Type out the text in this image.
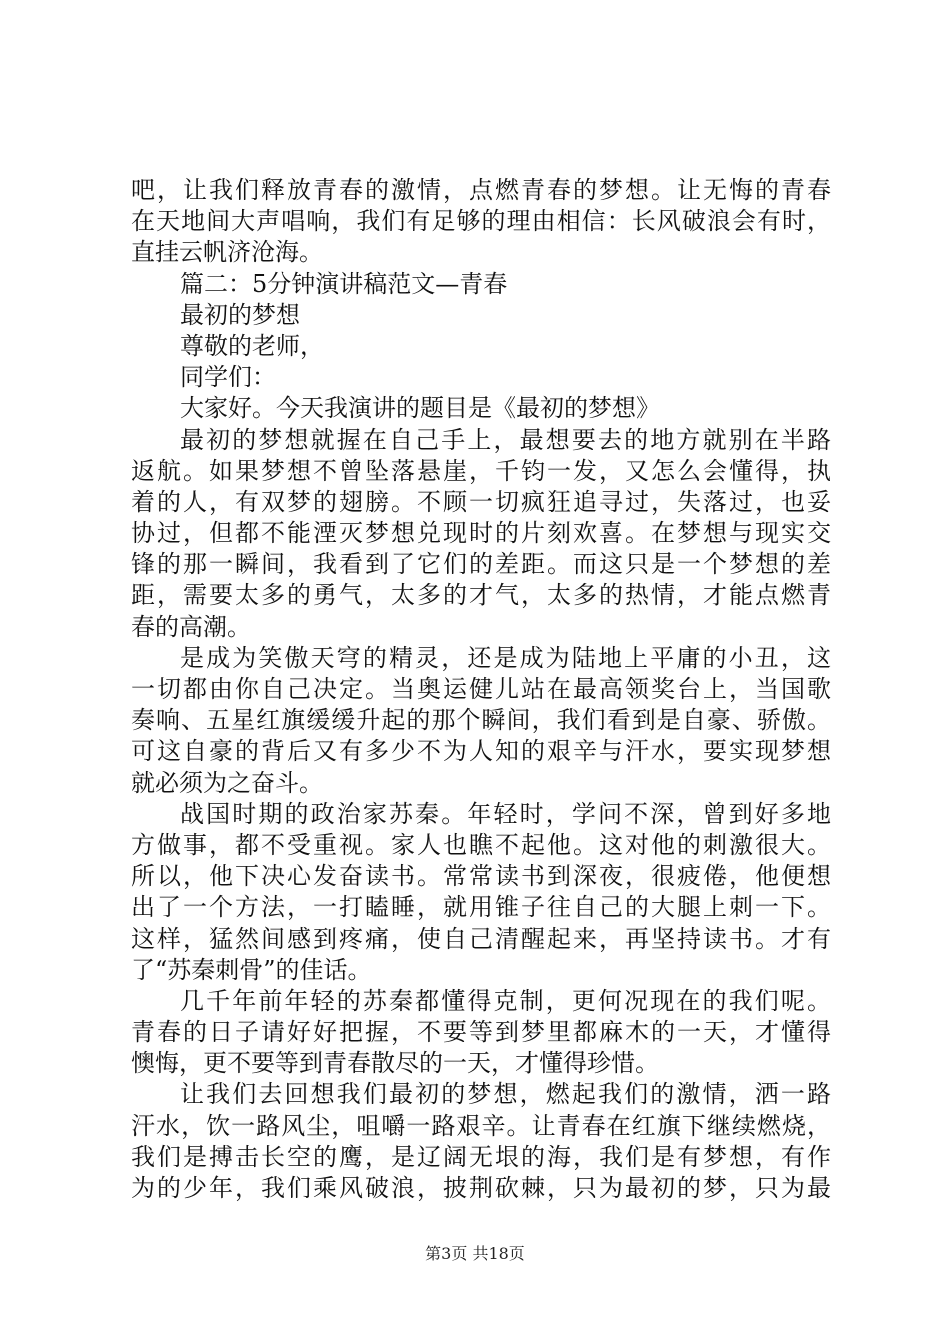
吧，让我们释放青春的激情，点燃青春的梦想。让无悔的青春
在天地间大声唱响，我们有足够的理由相信：长风破浪会有时，
直挂云帆济沧海。
篇二：5分钟演讲稿范文—青春
最初的梦想
尊敬的老师，
同学们：
大家好。今天我演讲的题目是《最初的梦想》
最初的梦想就握在自己手上，最想要去的地方就别在半路
返航。如果梦想不曾坠落悬崖，千钧一发，又怎么会懂得，执
着的人，有双梦的翅膀。不顾一切疯狂追寻过，失落过，也妥
协过，但都不能湮灭梦想兑现时的片刻欢喜。在梦想与现实交
锋的那一瞬间，我看到了它们的差距。而这只是一个梦想的差
距，需要太多的勇气，太多的才气，太多的热情，才能点燃青
春的高潮。
是成为笑傲天穹的精灵，还是成为陆地上平庸的小丑，这
一切都由你自己决定。当奥运健儿站在最高领奖台上，当国歌
奏响、五星红旗缓缓升起的那个瞬间，我们看到是自豪、骄傲。
可这自豪的背后又有多少不为人知的艰辛与汗水，要实现梦想
就必须为之奋斗。
战国时期的政治家苏秦。年轻时，学问不深，曾到好多地
方做事，都不受重视。家人也瞧不起他。这对他的刺激很大。
所以，他下决心发奋读书。常常读书到深夜，很疲倦，他便想
出了一个方法，一打瞌睡，就用锥子往自己的大腿上刺一下。
这样，猛然间感到疼痛，使自己清醒起来，再坚持读书。才有
了“苏秦刺骨”的佳话。
几千年前年轻的苏秦都懂得克制，更何况现在的我们呢。
青春的日子请好好把握，不要等到梦里都麻木的一天，才懂得
懊悔，更不要等到青春散尽的一天，才懂得珍惜。
让我们去回想我们最初的梦想，燃起我们的激情，洒一路
汗水，饮一路风尘，咀嚼一路艰辛。让青春在红旗下继续燃烧，
我们是搏击长空的鹰，是辽阔无垠的海，我们是有梦想，有作
为的少年，我们乘风破浪，披荆砍棘，只为最初的梦，只为最
第3页 共18页
